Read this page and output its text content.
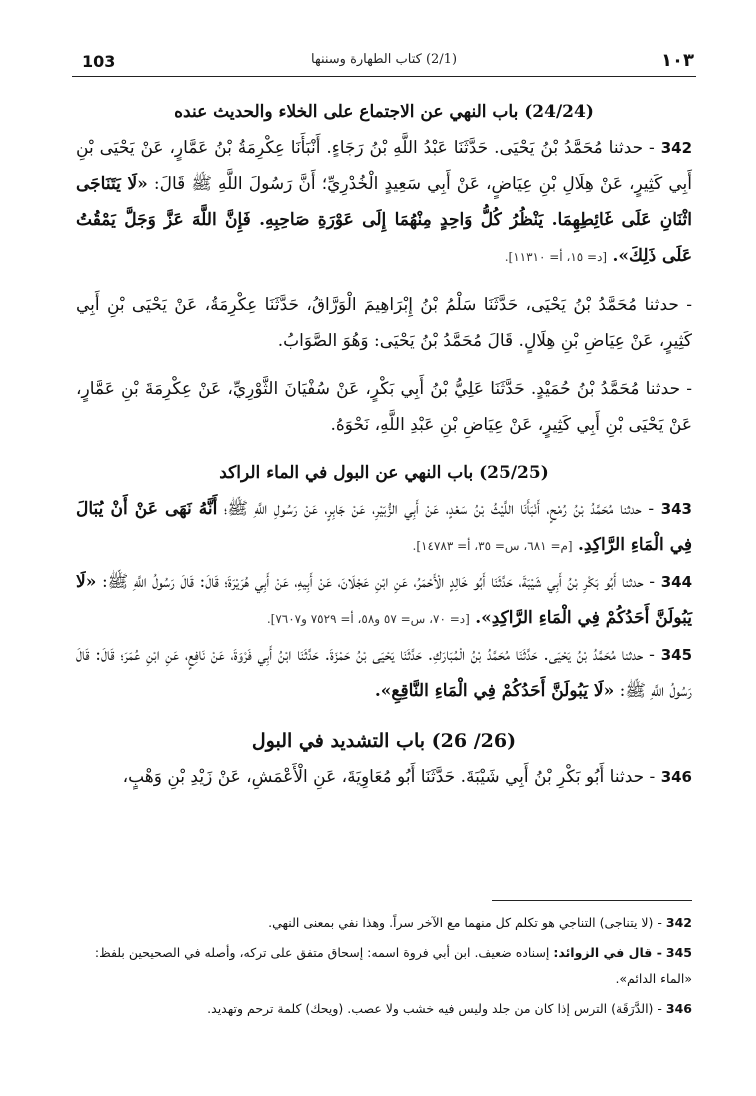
103	(2/1) كتاب الطهارة وسننها	١٠٣
(24/24) باب النهي عن الاجتماع على الخلاء والحديث عنده

342 - حدثنا مُحَمَّدُ بْنُ يَحْيَى. حَدَّثَنَا عَبْدُ اللَّهِ بْنُ رَجَاءٍ. أَنْبَأَنَا عِكْرِمَةُ بْنُ عَمَّارٍ، عَنْ يَحْيَى بْنِ أَبِي كَثِيرٍ، عَنْ هِلَالِ بْنِ عِيَاضٍ، عَنْ أَبِي سَعِيدٍ الْخُدْرِيِّ؛ أَنَّ رَسُولَ اللَّهِ ﷺ قَالَ: «لَا يَتَنَاجَى اثْنَانِ عَلَى غَائِطِهِمَا. يَنْظُرُ كُلُّ وَاحِدٍ مِنْهُمَا إِلَى عَوْرَةِ صَاحِبِهِ. فَإِنَّ اللَّهَ عَزَّ وَجَلَّ يَمْقُتُ عَلَى ذَلِكَ». [د= ١٥، أ= ١١٣١٠].

- حدثنا مُحَمَّدُ بْنُ يَحْيَى، حَدَّثَنَا سَلْمُ بْنُ إِبْرَاهِيمَ الْوَرَّاقُ، حَدَّثَنَا عِكْرِمَةُ، عَنْ يَحْيَى بْنِ أَبِي كَثِيرٍ، عَنْ عِيَاضِ بْنِ هِلَالٍ. قَالَ مُحَمَّدُ بْنُ يَحْيَى: وَهُوَ الصَّوَابُ.

- حدثنا مُحَمَّدُ بْنُ حُمَيْدٍ. حَدَّثَنَا عَلِيُّ بْنُ أَبِي بَكْرٍ، عَنْ سُفْيَانَ الثَّوْرِيِّ، عَنْ عِكْرِمَةَ بْنِ عَمَّارٍ، عَنْ يَحْيَى بْنِ أَبِي كَثِيرٍ، عَنْ عِيَاضِ بْنِ عَبْدِ اللَّهِ، نَحْوَهُ.

(25/25) باب النهي عن البول في الماء الراكد

343 - حدثنا مُحَمَّدُ بْنُ رُمْحٍ، أَنْبَأَنَا اللَّيْثُ بْنُ سَعْدٍ، عَنْ أَبِي الزُّبَيْرِ، عَنْ جَابِرٍ، عَنْ رَسُولِ اللَّهِ ﷺ؛ أَنَّهُ نَهَى عَنْ أَنْ يُبَالَ فِي الْمَاءِ الرَّاكِدِ. [م= ٦٨١، س= ٣٥، أ= ١٤٧٨٣].

344 - حدثنا أَبُو بَكْرِ بْنُ أَبِي شَيْبَةَ، حَدَّثَنَا أَبُو خَالِدٍ الْأَحْمَرُ، عَنِ ابْنِ عَجْلَانَ، عَنْ أَبِيهِ، عَنْ أَبِي هُرَيْرَةَ؛ قَالَ: قَالَ رَسُولُ اللَّهِ ﷺ: «لَا يَبُولَنَّ أَحَدُكُمْ فِي الْمَاءِ الرَّاكِدِ». [د= ٧٠، س= ٥٧ و٥٨، أ= ٧٥٢٩ و٧٦٠٧].

345 - حدثنا مُحَمَّدُ بْنُ يَحْيَى. حَدَّثَنَا مُحَمَّدُ بْنُ الْمُبَارَكِ. حَدَّثَنَا يَحْيَى بْنُ حَمْزَةَ. حَدَّثَنَا ابْنُ أَبِي فَرْوَةَ، عَنْ نَافِعٍ، عَنِ ابْنِ عُمَرَ؛ قَالَ: قَالَ رَسُولُ اللَّهِ ﷺ: «لَا يَبُولَنَّ أَحَدُكُمْ فِي الْمَاءِ النَّاقِعِ».

(26/ 26) باب التشديد في البول

346 - حدثنا أَبُو بَكْرِ بْنُ أَبِي شَيْبَةَ. حَدَّثَنَا أَبُو مُعَاوِيَةَ، عَنِ الْأَعْمَشِ، عَنْ زَيْدِ بْنِ وَهْبٍ،

342 - (لا يتناجى) التناجي هو تكلم كل منهما مع الآخر سراً. وهذا نفي بمعنى النهي.

345 - قال في الزوائد: إسناده ضعيف. ابن أبي فروة اسمه: إسحاق متفق على تركه، وأصله في الصحيحين بلفظ: «الماء الدائم».

346 - (الدَّرَقَة) الترس إذا كان من جلد وليس فيه خشب ولا عصب. (ويحك) كلمة ترحم وتهديد.
